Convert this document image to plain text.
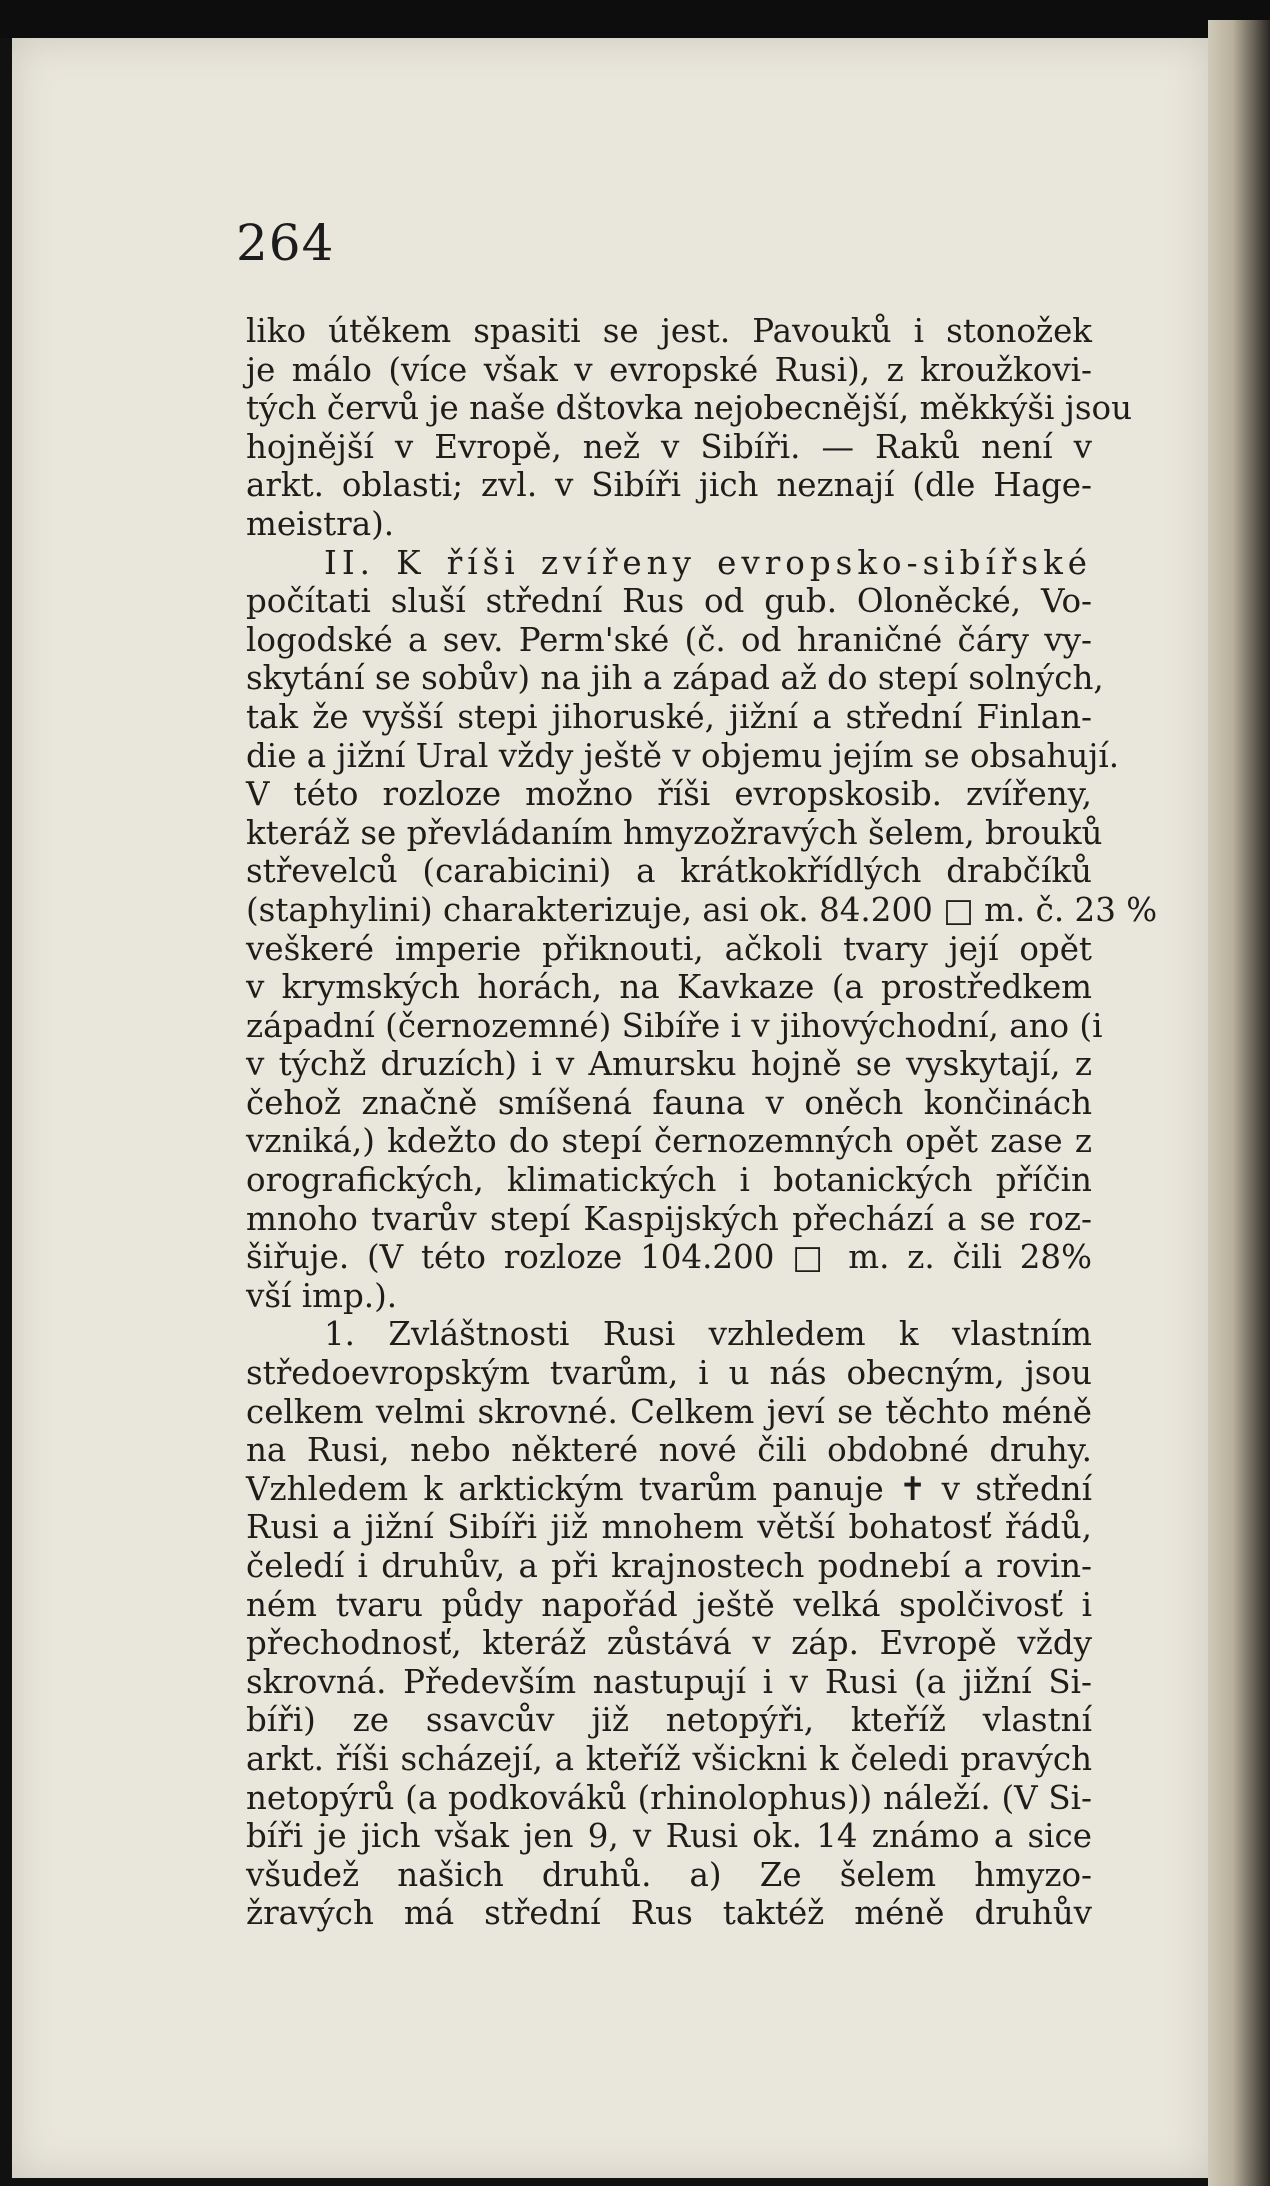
264
liko útěkem spasiti se jest. Pavouků i stonožek
je málo (více však v evropské Rusi), z kroužkovi-
tých červů je naše dštovka nejobecnější, měkkýši jsou
hojnější v Evropě, než v Sibíři. — Raků není v
arkt. oblasti; zvl. v Sibíři jich neznají (dle Hage-
meistra).
II. K říši zvířeny evropsko-sibířské
počítati sluší střední Rus od gub. Oloněcké, Vo-
logodské a sev. Perm'ské (č. od hraničné čáry vy-
skytání se sobův) na jih a západ až do stepí solných,
tak že vyšší stepi jihoruské, jižní a střední Finlan-
die a jižní Ural vždy ještě v objemu jejím se obsahují.
V této rozloze možno říši evropskosib. zvířeny,
kteráž se převládaním hmyzožravých šelem, brouků
střevelců (carabicini) a krátkokřídlých drabčíků
(staphylini) charakterizuje, asi ok. 84.200 □ m. č. 23 %
veškeré imperie přiknouti, ačkoli tvary její opět
v krymských horách, na Kavkaze (a prostředkem
západní (černozemné) Sibíře i v jihovýchodní, ano (i
v týchž druzích) i v Amursku hojně se vyskytají, z
čehož značně smíšená fauna v oněch končinách
vzniká,) kdežto do stepí černozemných opět zase z
orografických, klimatických i botanických příčin
mnoho tvarův stepí Kaspijských přechází a se roz-
šiřuje. (V této rozloze 104.200 □ m. z. čili 28%
vší imp.).
1. Zvláštnosti Rusi vzhledem k vlastním
středoevropským tvarům, i u nás obecným, jsou
celkem velmi skrovné. Celkem jeví se těchto méně
na Rusi, nebo některé nové čili obdobné druhy.
Vzhledem k arktickým tvarům panuje ✝ v střední
Rusi a jižní Sibíři již mnohem větší bohatosť řádů,
čeledí i druhův, a při krajnostech podnebí a rovin-
ném tvaru půdy napořád ještě velká spolčivosť i
přechodnosť, kteráž zůstává v záp. Evropě vždy
skrovná. Především nastupují i v Rusi (a jižní Si-
bíři) ze ssavcův již netopýři, kteříž vlastní
arkt. říši scházejí, a kteříž všickni k čeledi pravých
netopýrů (a podkováků (rhinolophus)) náleží. (V Si-
bíři je jich však jen 9, v Rusi ok. 14 známo a sice
všudež našich druhů. a) Ze šelem hmyzo-
žravých má střední Rus taktéž méně druhův
